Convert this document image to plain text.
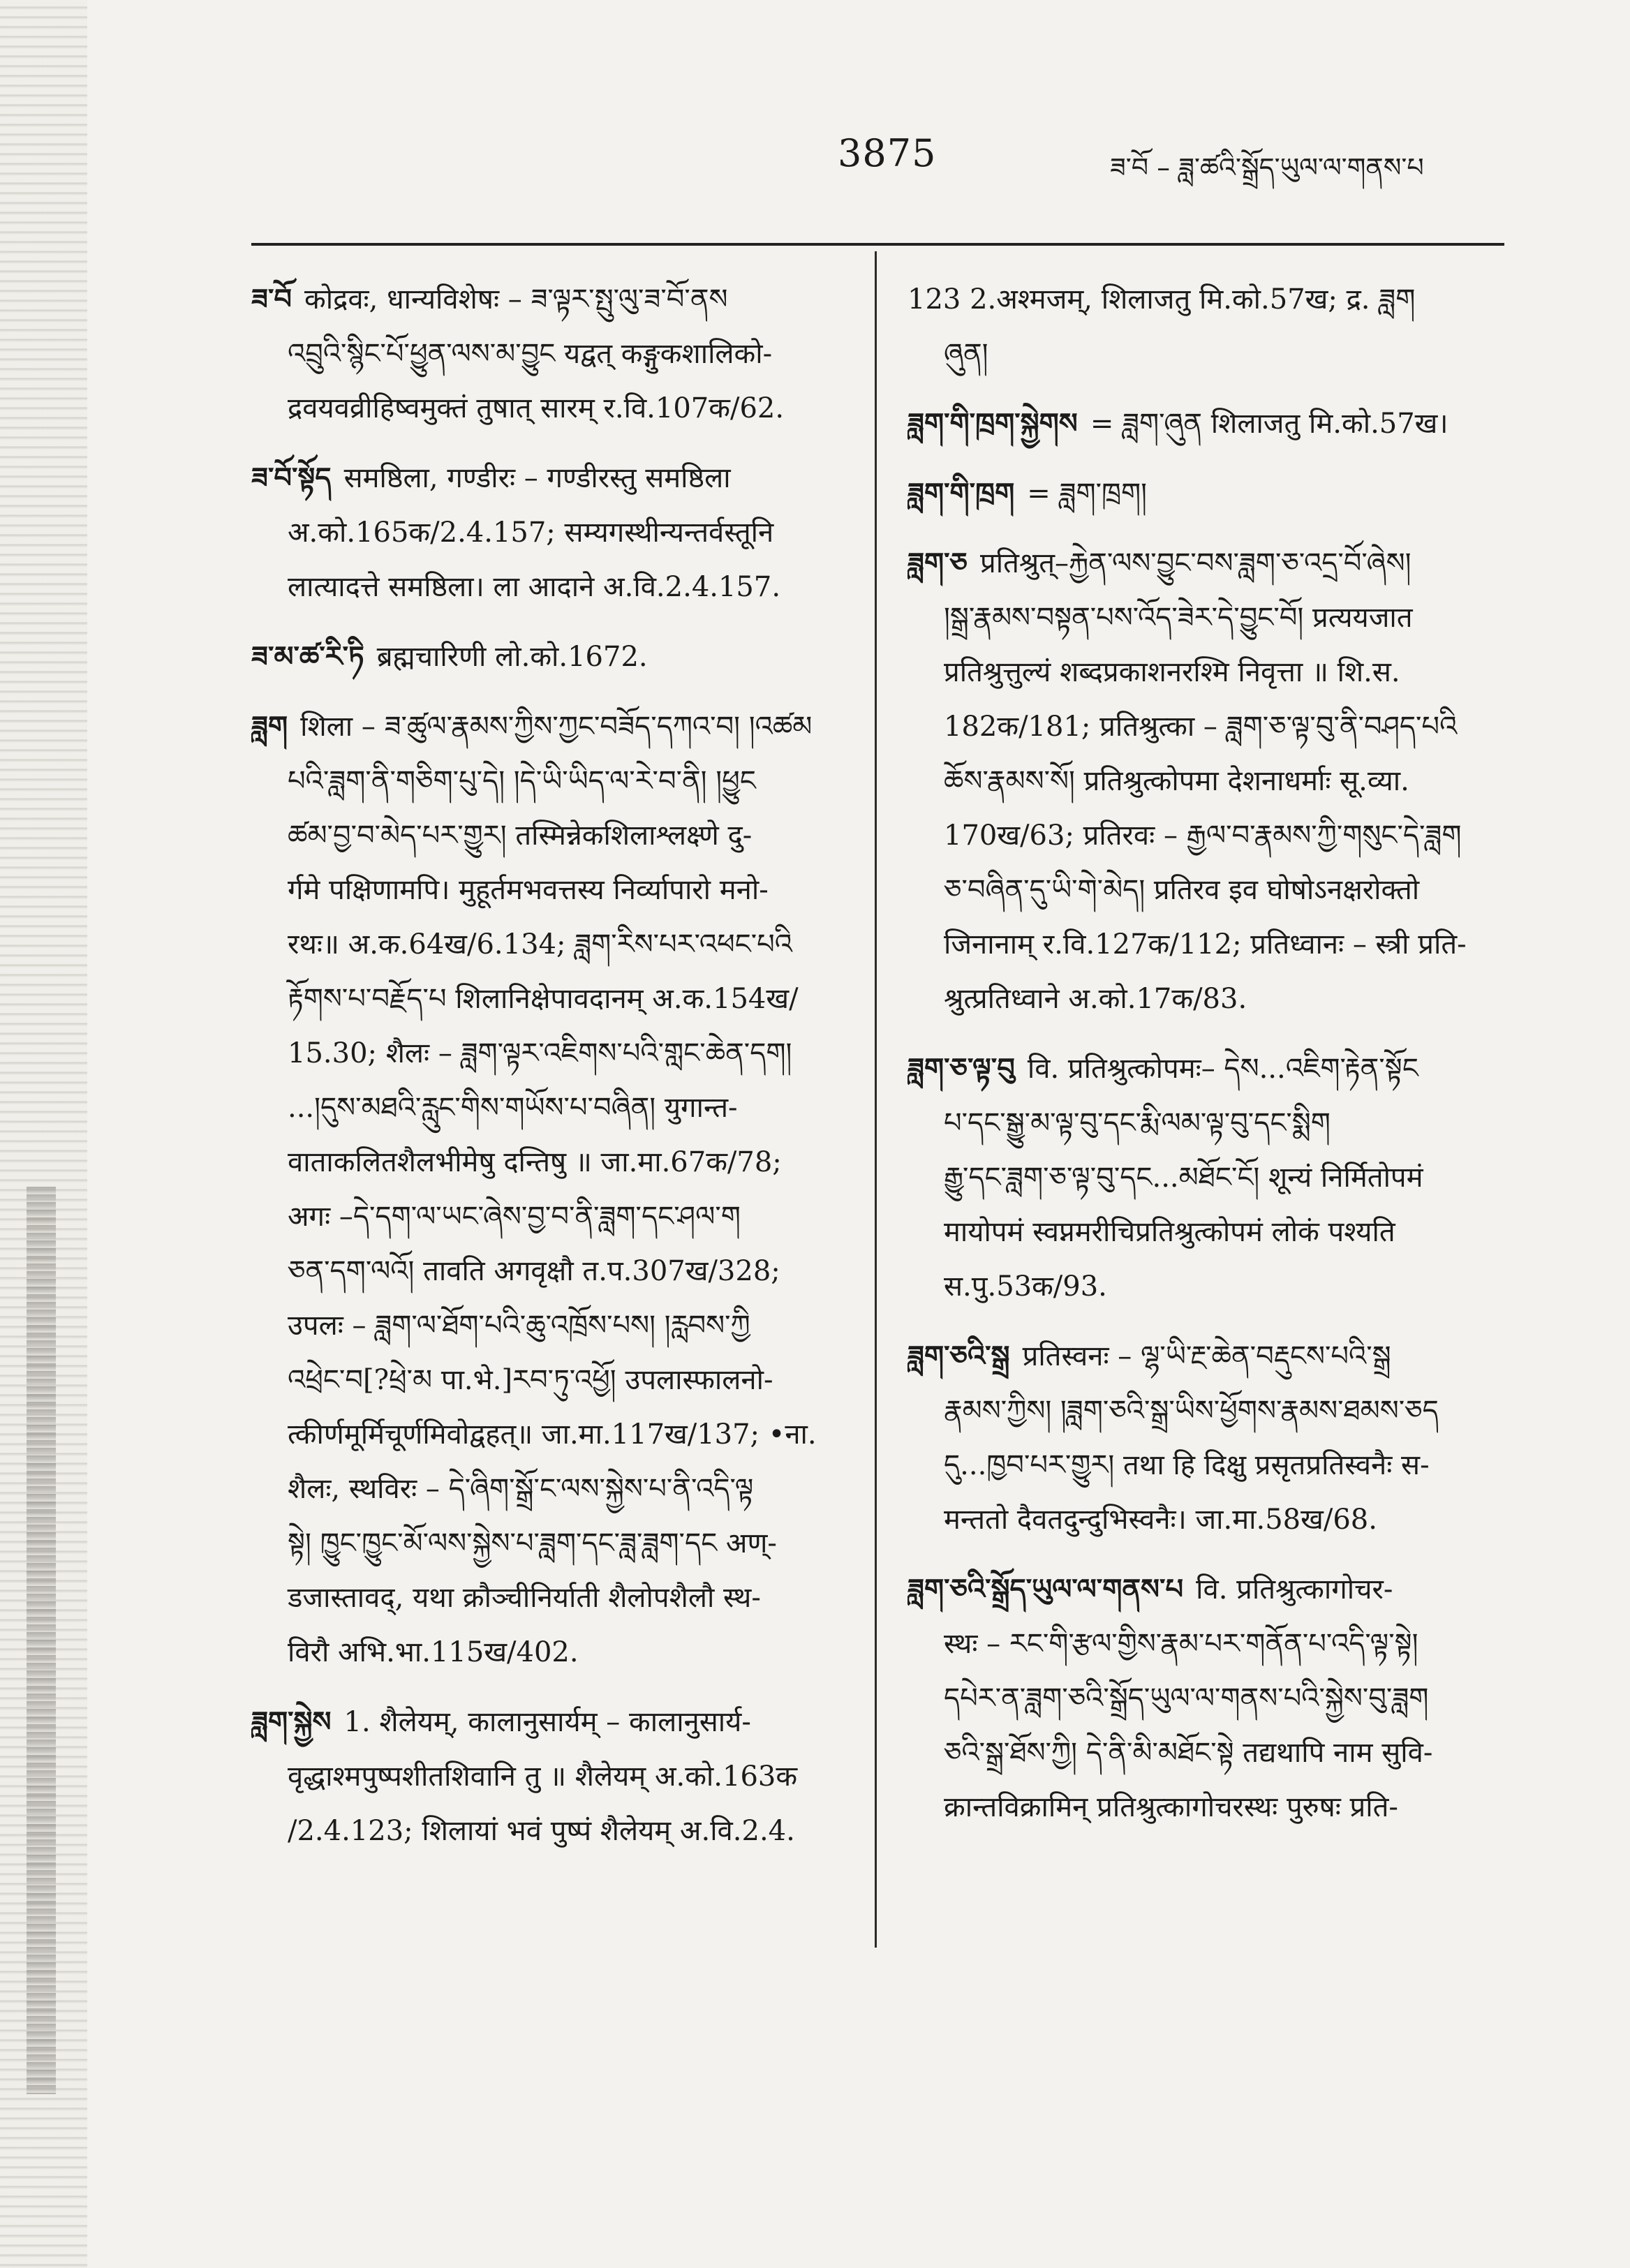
3875	ཟ་བོ – ཟླ་ཚའི་སྒྲོད་ཡུལ་ལ་གནས་པ
ཟ་བོ कोद्रवः, धान्यविशेषः – ཟ་ལྟར་སྤུ་ལུ་ཟ་བོ་ནས
འབྲུའི་སྙིང་པོ་ཕྱུན་ལས་མ་བྱུང यद्वत् कङ्गुकशालिको-
द्रवयवव्रीहिष्वमुक्तं तुषात् सारम् र.वि.107क/62.
ཟ་བོ་སྟོད समष्ठिला, गण्डीरः – गण्डीरस्तु समष्ठिला
अ.को.165क/2.4.157; सम्यगस्थीन्यन्तर्वस्तूनि
लात्यादत्ते समष्ठिला। ला आदाने अ.वि.2.4.157.
ཟ་མ་ཚ་རི་ཏི ब्रह्मचारिणी लो.को.1672.
ཟླག शिला – ཟ་ཚུལ་རྣམས་ཀྱིས་ཀྱང་བཟོད་དཀའ་བ། །འཚམ
པའི་ཟླག་ནི་གཅིག་པུ་དེ། །དེ་ཡི་ཡིད་ལ་རེ་བ་ནི། །ཕྱུང
ཚམ་བྱ་བ་མེད་པར་གྱུར། तस्मिन्नेकशिलाश्लक्ष्णे दु-
र्गमे पक्षिणामपि। मुहूर्तमभवत्तस्य निर्व्यापारो मनो-
रथः॥ अ.क.64ख/6.134; ཟླག་རིས་པར་འཕང་པའི
རྟོགས་པ་བརྗོད་པ शिलानिक्षेपावदानम् अ.क.154ख/
15.30; शैलः – ཟླག་ལྟར་འཇིགས་པའི་གླང་ཆེན་དག།
...།དུས་མཐའི་རླུང་གིས་གཡོས་པ་བཞིན། युगान्त-
वाताकलितशैलभीमेषु दन्तिषु ॥ जा.मा.67क/78;
अगः –དེ་དག་ལ་ཡང་ཞེས་བྱ་བ་ནི་ཟླག་དང་ཤལ་ག
ཅན་དག་ལའོ། तावति अगवृक्षौ त.प.307ख/328;
उपलः – ཟླག་ལ་ཐོག་པའི་ཆུ་འཁྲོས་པས། །རླབས་ཀྱི
འཕྲེང་བ[?ཕྲེ་མ पा.भे.]རབ་ཏུ་འཕྱོ། उपलास्फालनो-
त्कीर्णमूर्मिचूर्णमिवोद्वहत्॥ जा.मा.117ख/137; •ना.
शैलः, स्थविरः – དེ་ཞིག་སྒྲོ་ང་ལས་སྐྱེས་པ་ནི་འདི་ལྟ
སྟེ། ཁྱུང་ཁྱུང་མོ་ལས་སྐྱེས་པ་ཟླག་དང་ཟླ་ཟླག་དང अण्-
डजास्तावद्, यथा क्रौञ्चीनिर्याती शैलोपशैलौ स्थ-
विरौ अभि.भा.115ख/402.
ཟླག་སྐྱེས 1. शैलेयम्, कालानुसार्यम् – कालानुसार्य-
वृद्धाश्मपुष्पशीतशिवानि तु ॥ शैलेयम् अ.को.163क
/2.4.123; शिलायां भवं पुष्पं शैलेयम् अ.वि.2.4.
123 2.अश्मजम्, शिलाजतु मि.को.57ख; द्र. ཟླག
ཞུན།
ཟླག་གི་ཁྲག་སྐྱེགས = ཟླག་ཞུན शिलाजतु मि.को.57ख।
ཟླག་གི་ཁྲག = ཟླག་ཁྲག།
ཟླག་ཅ प्रतिश्रुत्–རྐྱེན་ལས་བྱུང་བས་ཟླག་ཅ་འདྲ་བོ་ཞེས།
།སྒྲ་རྣམས་བསྟན་པས་འོད་ཟེར་དེ་བྱུང་བོ། प्रत्ययजात
प्रतिश्रुत्तुल्यं शब्दप्रकाशनरश्मि निवृत्ता ॥ शि.स.
182क/181; प्रतिश्रुत्का – ཟླག་ཅ་ལྟ་བུ་ནི་བཤད་པའི
ཆོས་རྣམས་སོ། प्रतिश्रुत्कोपमा देशनाधर्माः सू.व्या.
170ख/63; प्रतिरवः – རྒྱལ་བ་རྣམས་ཀྱི་གསུང་དེ་ཟླག
ཅ་བཞིན་དུ་ཡི་གེ་མེད། प्रतिरव इव घोषोऽनक्षरोक्तो
जिनानाम् र.वि.127क/112; प्रतिध्वानः – स्त्री प्रति-
श्रुत्प्रतिध्वाने अ.को.17क/83.
ཟླག་ཅ་ལྟ་བུ वि. प्रतिश्रुत्कोपमः– དེས...འཇིག་རྟེན་སྟོང
པ་དང་སྒྱུ་མ་ལྟ་བུ་དང་རྨི་ལམ་ལྟ་བུ་དང་སྨིག
རྒྱུ་དང་ཟླག་ཅ་ལྟ་བུ་དང...མཐོང་ངོ། शून्यं निर्मितोपमं
मायोपमं स्वप्नमरीचिप्रतिश्रुत्कोपमं लोकं पश्यति
स.पु.53क/93.
ཟླག་ཅའི་སྒྲ प्रतिस्वनः – ལྷ་ཡི་རྔ་ཆེན་བརྡུངས་པའི་སྒྲ
རྣམས་ཀྱིས། །ཟླག་ཅའི་སྒྲ་ཡིས་ཕྱོགས་རྣམས་ཐམས་ཅད
དུ...ཁྱབ་པར་གྱུར། तथा हि दिक्षु प्रसृतप्रतिस्वनैः स-
मन्ततो दैवतदुन्दुभिस्वनैः। जा.मा.58ख/68.
ཟླག་ཅའི་སྒྲོད་ཡུལ་ལ་གནས་པ वि. प्रतिश्रुत्कागोचर-
स्थः – རང་གི་རྩལ་གྱིས་རྣམ་པར་གནོན་པ་འདི་ལྟ་སྟེ།
དཔེར་ན་ཟླག་ཅའི་སྒྲོད་ཡུལ་ལ་གནས་པའི་སྐྱེས་བུ་ཟླག
ཅའི་སྒྲ་ཐོས་ཀྱི། དེ་ནི་མི་མཐོང་སྟེ तद्यथापि नाम सुवि-
क्रान्तविक्रामिन् प्रतिश्रुत्कागोचरस्थः पुरुषः प्रति-
